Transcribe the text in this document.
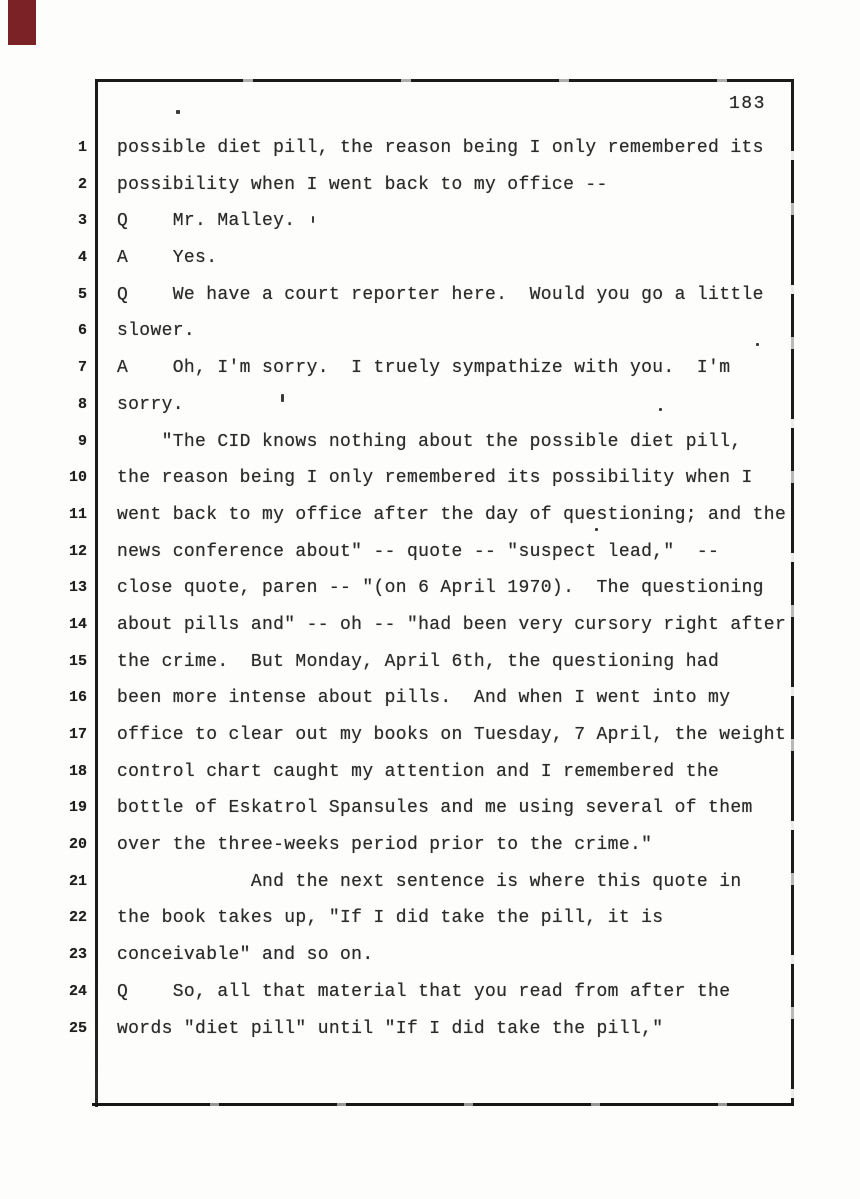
183
1
2
3
4
5
6
7
8
9
10
11
12
13
14
15
16
17
18
19
20
21
22
23
24
25
possible diet pill, the reason being I only remembered its
possibility when I went back to my office --
Q    Mr. Malley.
A    Yes.
Q    We have a court reporter here.  Would you go a little
slower.
A    Oh, I'm sorry.  I truely sympathize with you.  I'm
sorry.
"The CID knows nothing about the possible diet pill,
the reason being I only remembered its possibility when I
went back to my office after the day of questioning; and the
news conference about" -- quote -- "suspect lead,"  --
close quote, paren -- "(on 6 April 1970).  The questioning
about pills and" -- oh -- "had been very cursory right after
the crime.  But Monday, April 6th, the questioning had
been more intense about pills.  And when I went into my
office to clear out my books on Tuesday, 7 April, the weight
control chart caught my attention and I remembered the
bottle of Eskatrol Spansules and me using several of them
over the three-weeks period prior to the crime."
And the next sentence is where this quote in
the book takes up, "If I did take the pill, it is
conceivable" and so on.
Q    So, all that material that you read from after the
words "diet pill" until "If I did take the pill,"
